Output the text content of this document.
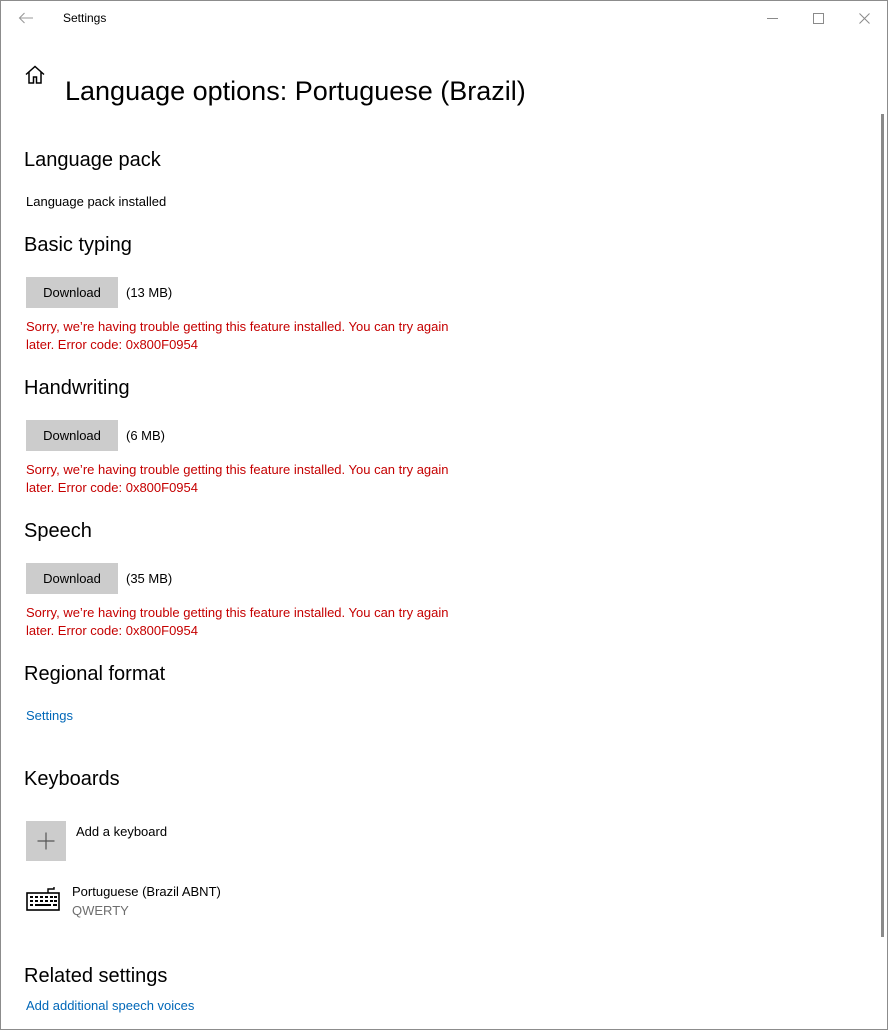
Settings
Language options: Portuguese (Brazil)
Language pack
Language pack installed
Basic typing
Download	(13 MB)
Sorry, we’re having trouble getting this feature installed. You can try again later. Error code: 0x800F0954
Handwriting
Download	(6 MB)
Sorry, we’re having trouble getting this feature installed. You can try again later. Error code: 0x800F0954
Speech
Download	(35 MB)
Sorry, we’re having trouble getting this feature installed. You can try again later. Error code: 0x800F0954
Regional format
Settings
Keyboards
Add a keyboard
Portuguese (Brazil ABNT)
QWERTY
Related settings
Add additional speech voices
